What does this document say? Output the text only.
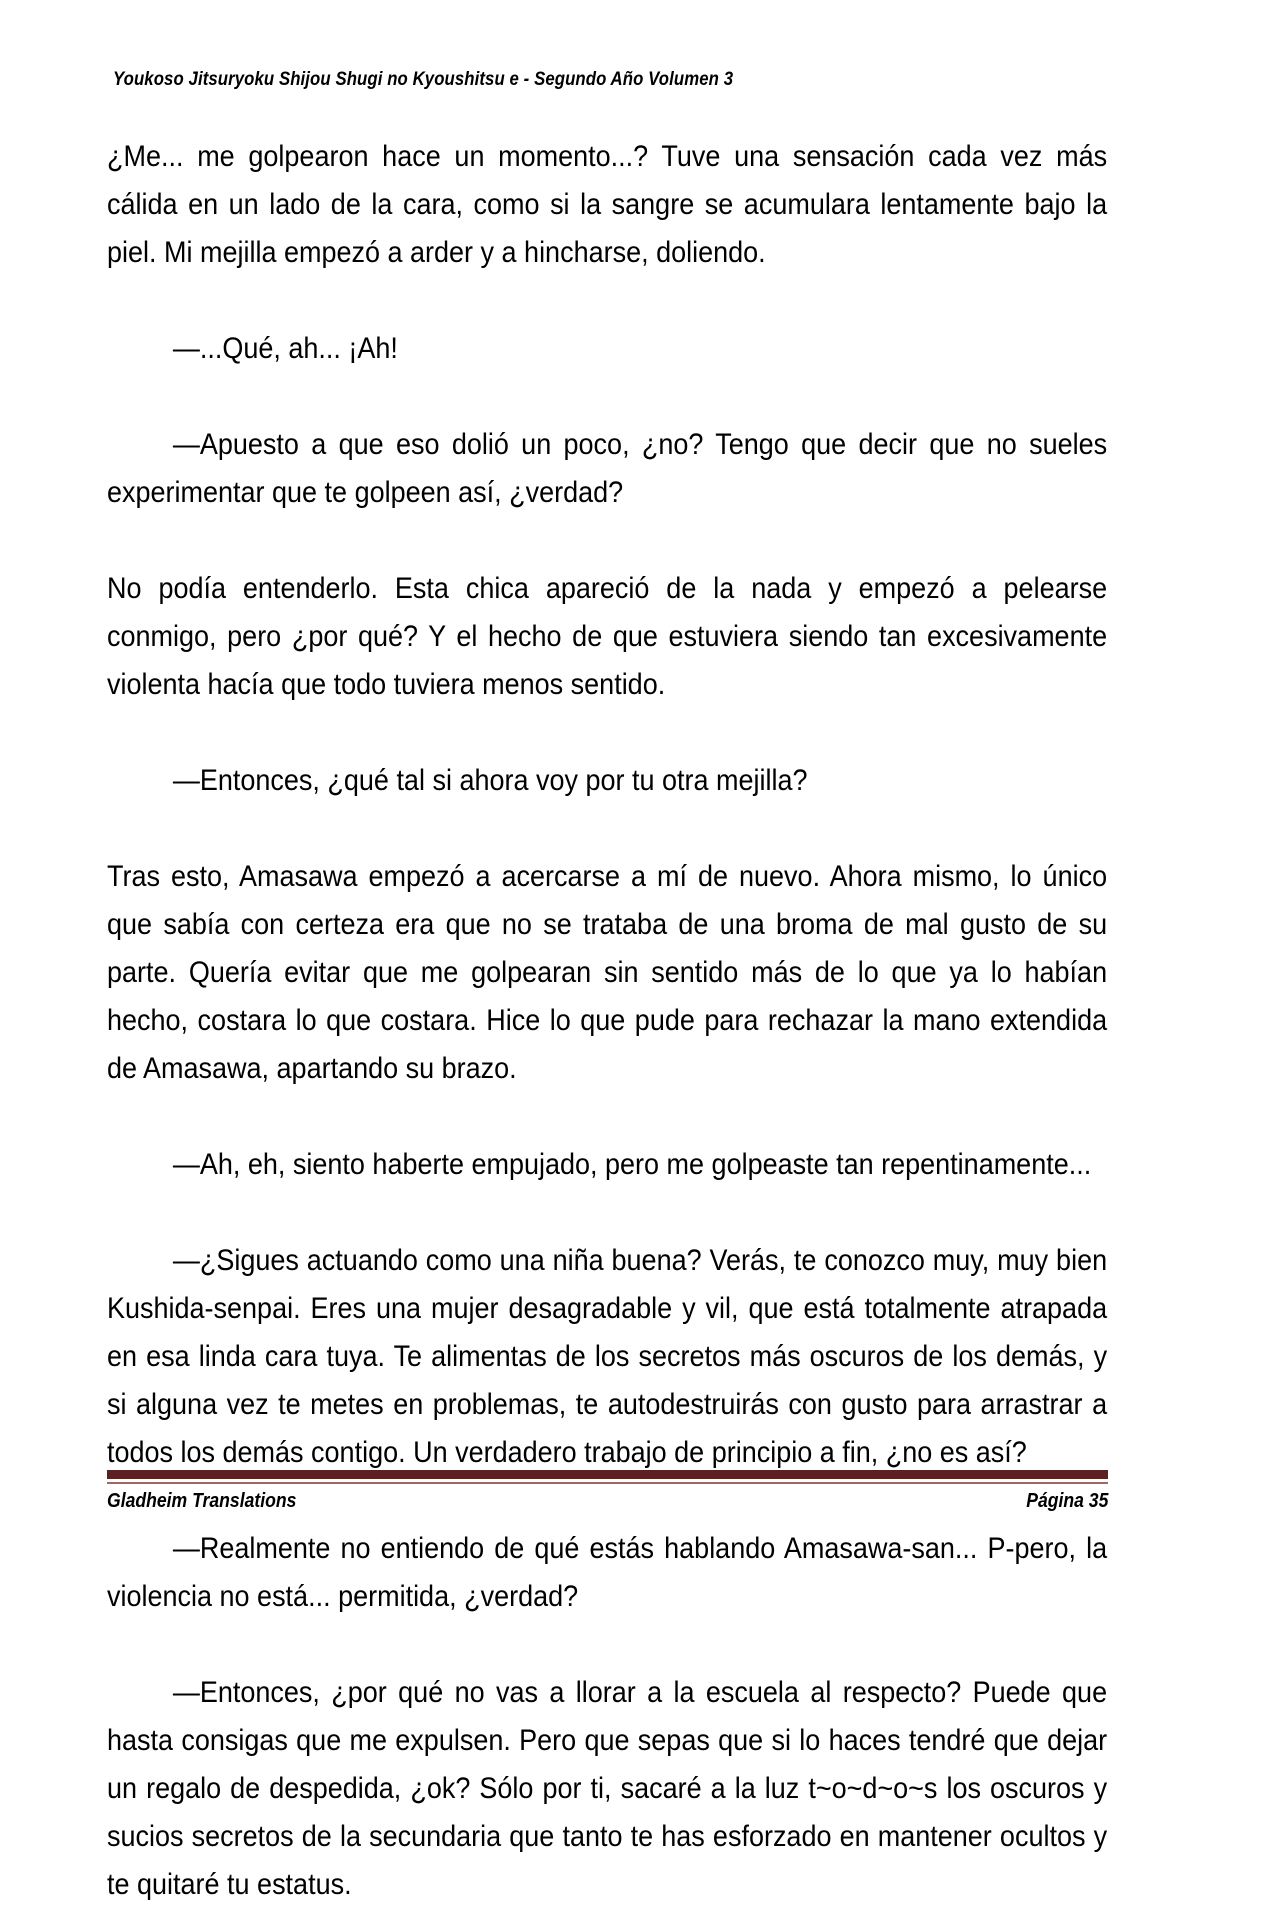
Youkoso Jitsuryoku Shijou Shugi no Kyoushitsu e - Segundo Año Volumen 3

¿Me... me golpearon hace un momento...? Tuve una sensación cada vez más cálida en un lado de la cara, como si la sangre se acumulara lentamente bajo la piel. Mi mejilla empezó a arder y a hincharse, doliendo.

—...Qué, ah... ¡Ah!

—Apuesto a que eso dolió un poco, ¿no? Tengo que decir que no sueles experimentar que te golpeen así, ¿verdad?

No podía entenderlo. Esta chica apareció de la nada y empezó a pelearse conmigo, pero ¿por qué? Y el hecho de que estuviera siendo tan excesivamente violenta hacía que todo tuviera menos sentido.

—Entonces, ¿qué tal si ahora voy por tu otra mejilla?

Tras esto, Amasawa empezó a acercarse a mí de nuevo. Ahora mismo, lo único que sabía con certeza era que no se trataba de una broma de mal gusto de su parte. Quería evitar que me golpearan sin sentido más de lo que ya lo habían hecho, costara lo que costara. Hice lo que pude para rechazar la mano extendida de Amasawa, apartando su brazo.

—Ah, eh, siento haberte empujado, pero me golpeaste tan repentinamente...

—¿Sigues actuando como una niña buena? Verás, te conozco muy, muy bien Kushida-senpai. Eres una mujer desagradable y vil, que está totalmente atrapada en esa linda cara tuya. Te alimentas de los secretos más oscuros de los demás, y si alguna vez te metes en problemas, te autodestruirás con gusto para arrastrar a todos los demás contigo. Un verdadero trabajo de principio a fin, ¿no es así?

—Realmente no entiendo de qué estás hablando Amasawa-san... P-pero, la violencia no está... permitida, ¿verdad?

—Entonces, ¿por qué no vas a llorar a la escuela al respecto? Puede que hasta consigas que me expulsen. Pero que sepas que si lo haces tendré que dejar un regalo de despedida, ¿ok? Sólo por ti, sacaré a la luz t~o~d~o~s los oscuros y sucios secretos de la secundaria que tanto te has esforzado en mantener ocultos y te quitaré tu estatus.

Gladheim Translations	Página 35
